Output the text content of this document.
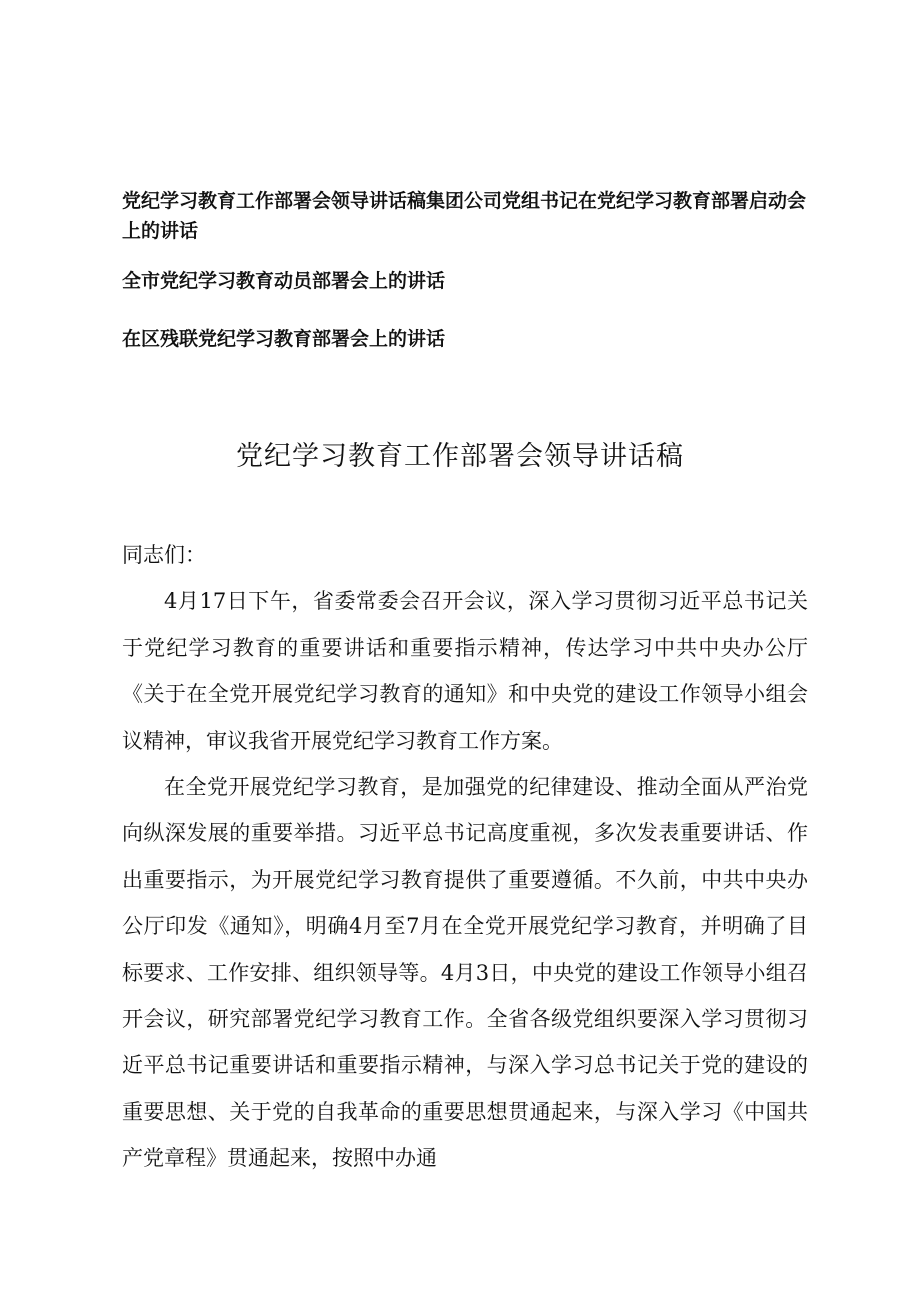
党纪学习教育工作部署会领导讲话稿集团公司党组书记在党纪学习教育部署启动会上的讲话

全市党纪学习教育动员部署会上的讲话

在区残联党纪学习教育部署会上的讲话

党纪学习教育工作部署会领导讲话稿

同志们：

4月17日下午，省委常委会召开会议，深入学习贯彻习近平总书记关于党纪学习教育的重要讲话和重要指示精神，传达学习中共中央办公厅《关于在全党开展党纪学习教育的通知》和中央党的建设工作领导小组会议精神，审议我省开展党纪学习教育工作方案。

在全党开展党纪学习教育，是加强党的纪律建设、推动全面从严治党向纵深发展的重要举措。习近平总书记高度重视，多次发表重要讲话、作出重要指示，为开展党纪学习教育提供了重要遵循。不久前，中共中央办公厅印发《通知》，明确4月至7月在全党开展党纪学习教育，并明确了目标要求、工作安排、组织领导等。4月3日，中央党的建设工作领导小组召开会议，研究部署党纪学习教育工作。全省各级党组织要深入学习贯彻习近平总书记重要讲话和重要指示精神，与深入学习总书记关于党的建设的重要思想、关于党的自我革命的重要思想贯通起来，与深入学习《中国共产党章程》贯通起来，按照中办通
